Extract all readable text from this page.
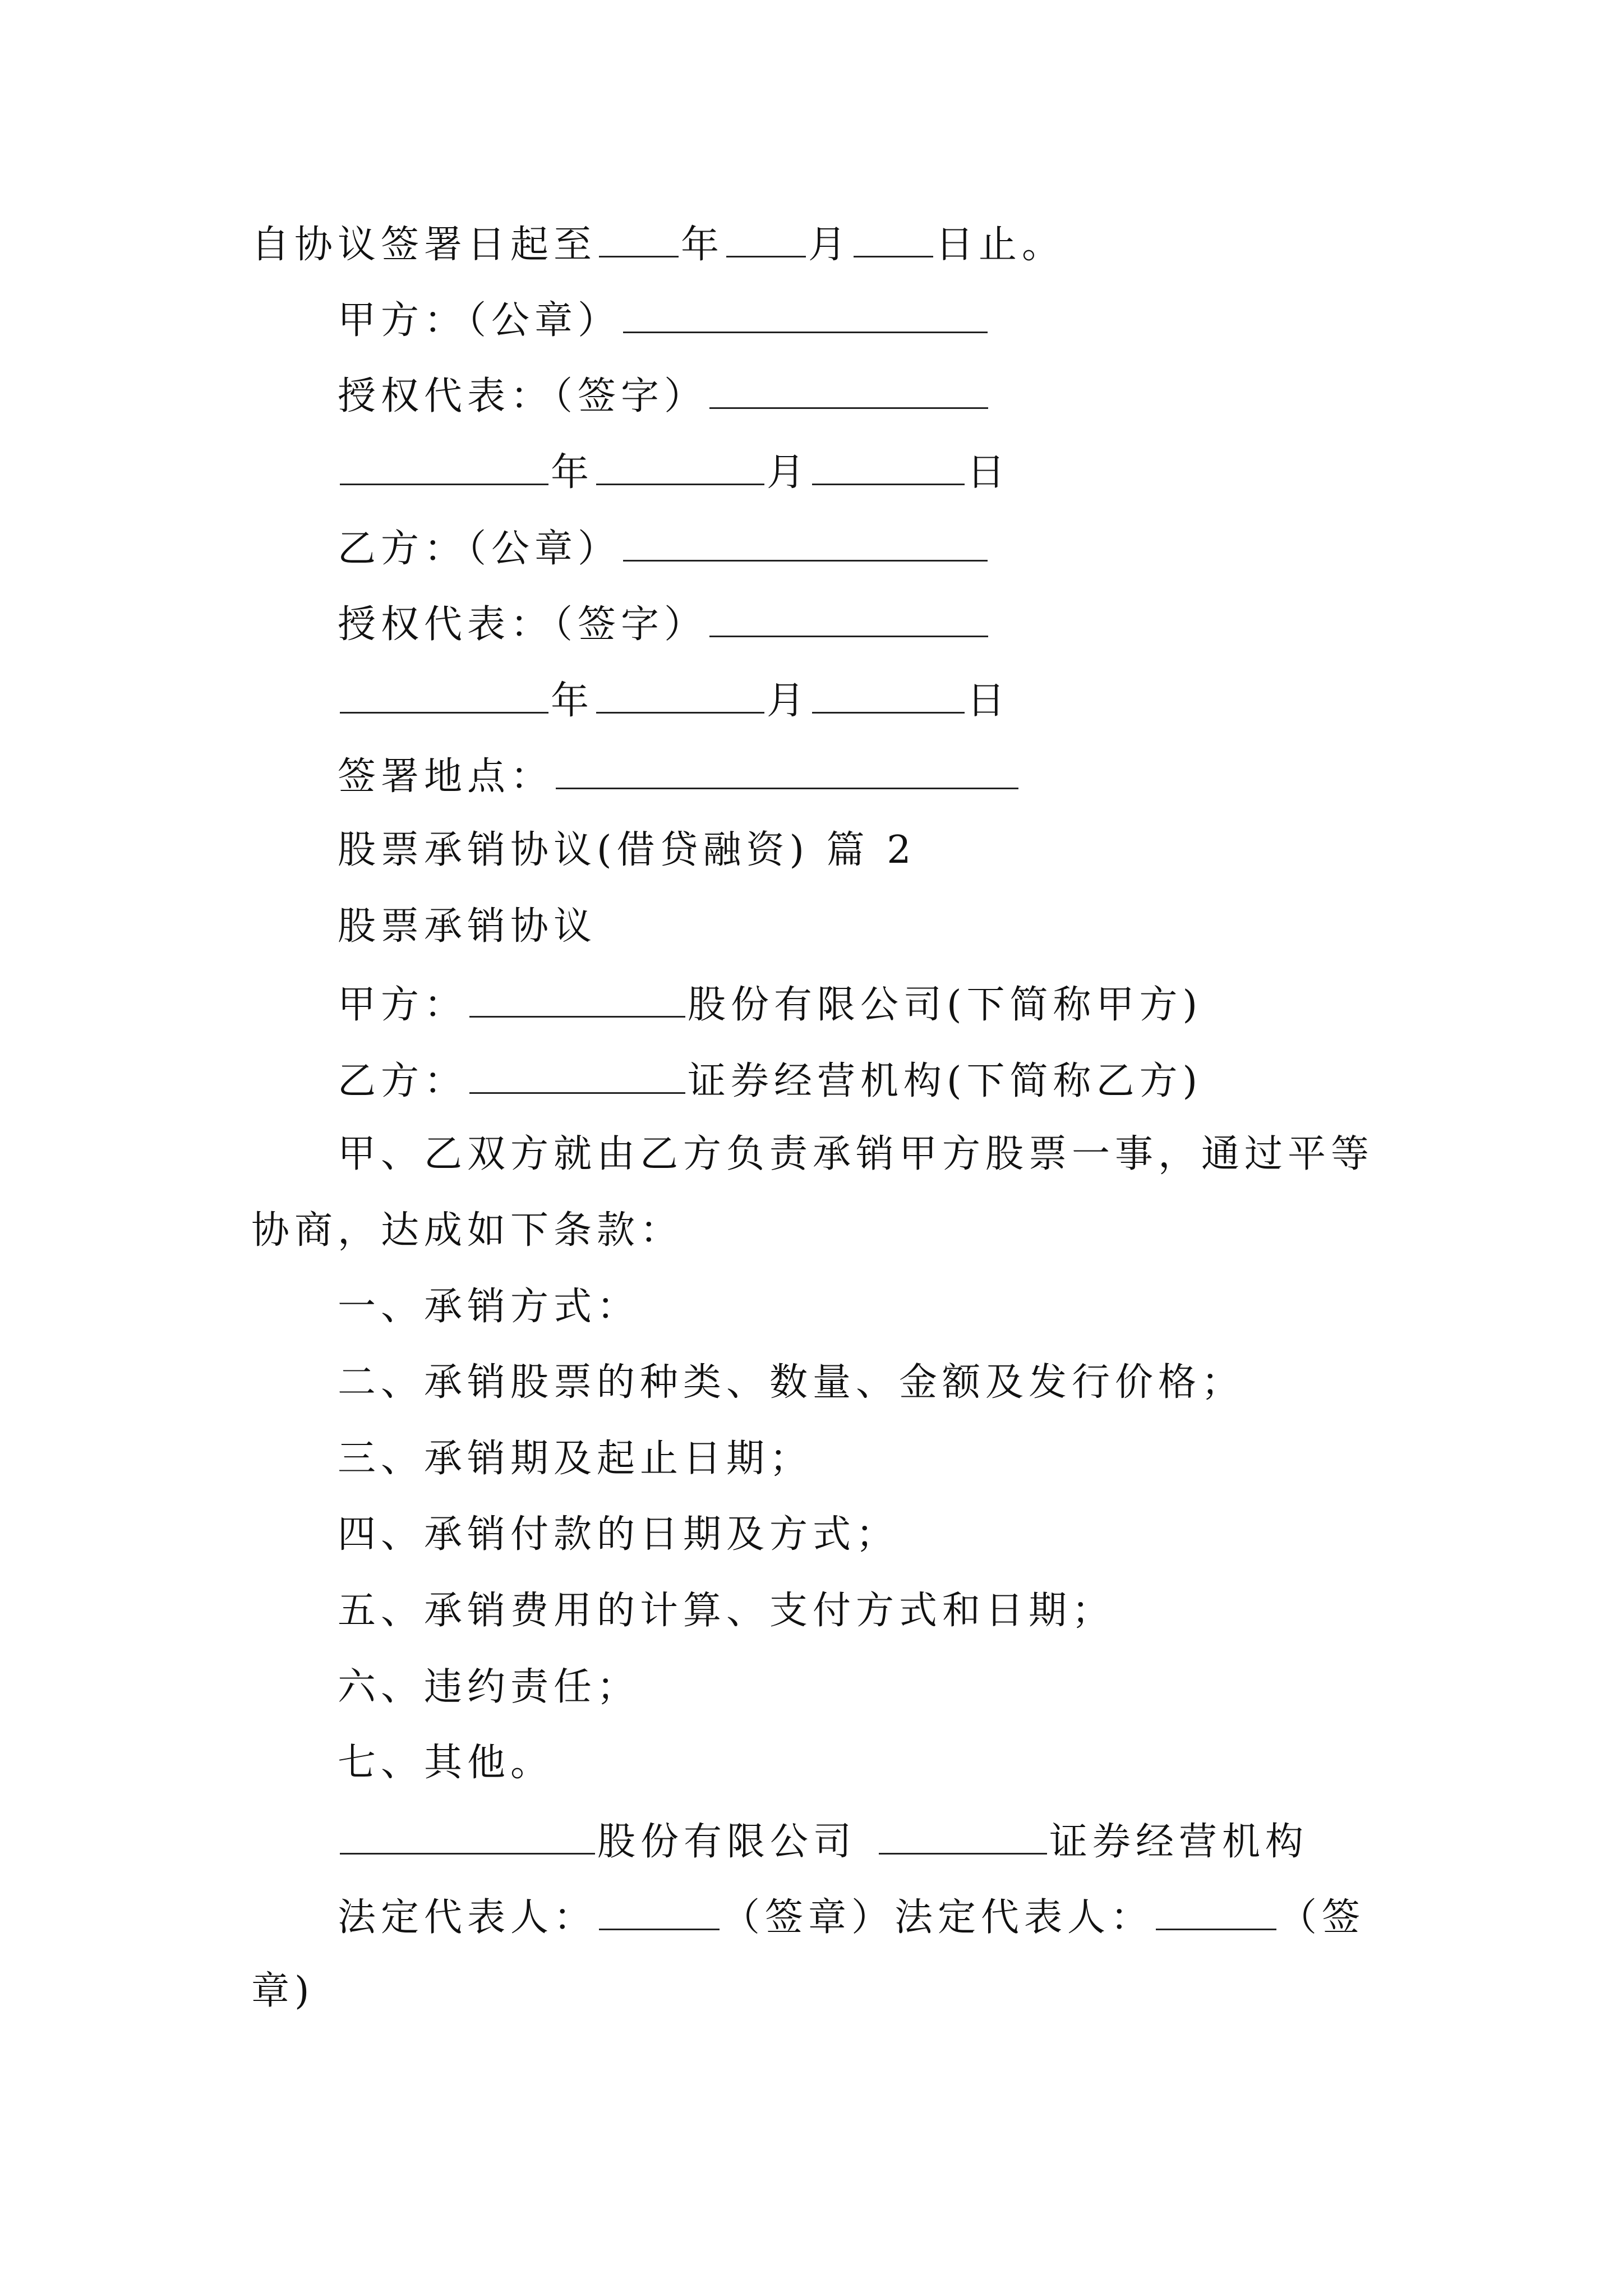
自协议签署日起至 年 月 日止。
甲方：（公章）
授权代表：（签字）
年	月	日
乙方：（公章）
授权代表：（签字）
年	月	日
签署地点：
股票承销协议(借贷融资) 篇 2
股票承销协议
甲方：	股份有限公司(下简称甲方)
乙方：	证券经营机构(下简称乙方)
甲、乙双方就由乙方负责承销甲方股票一事，通过平等
协商，达成如下条款：
一、承销方式：
二、承销股票的种类、数量、金额及发行价格；
三、承销期及起止日期；
四、承销付款的日期及方式；
五、承销费用的计算、支付方式和日期；
六、违约责任；
七、其他。
股份有限公司	证券经营机构
法定代表人：	（签章）法定代表人：	（签
章)
